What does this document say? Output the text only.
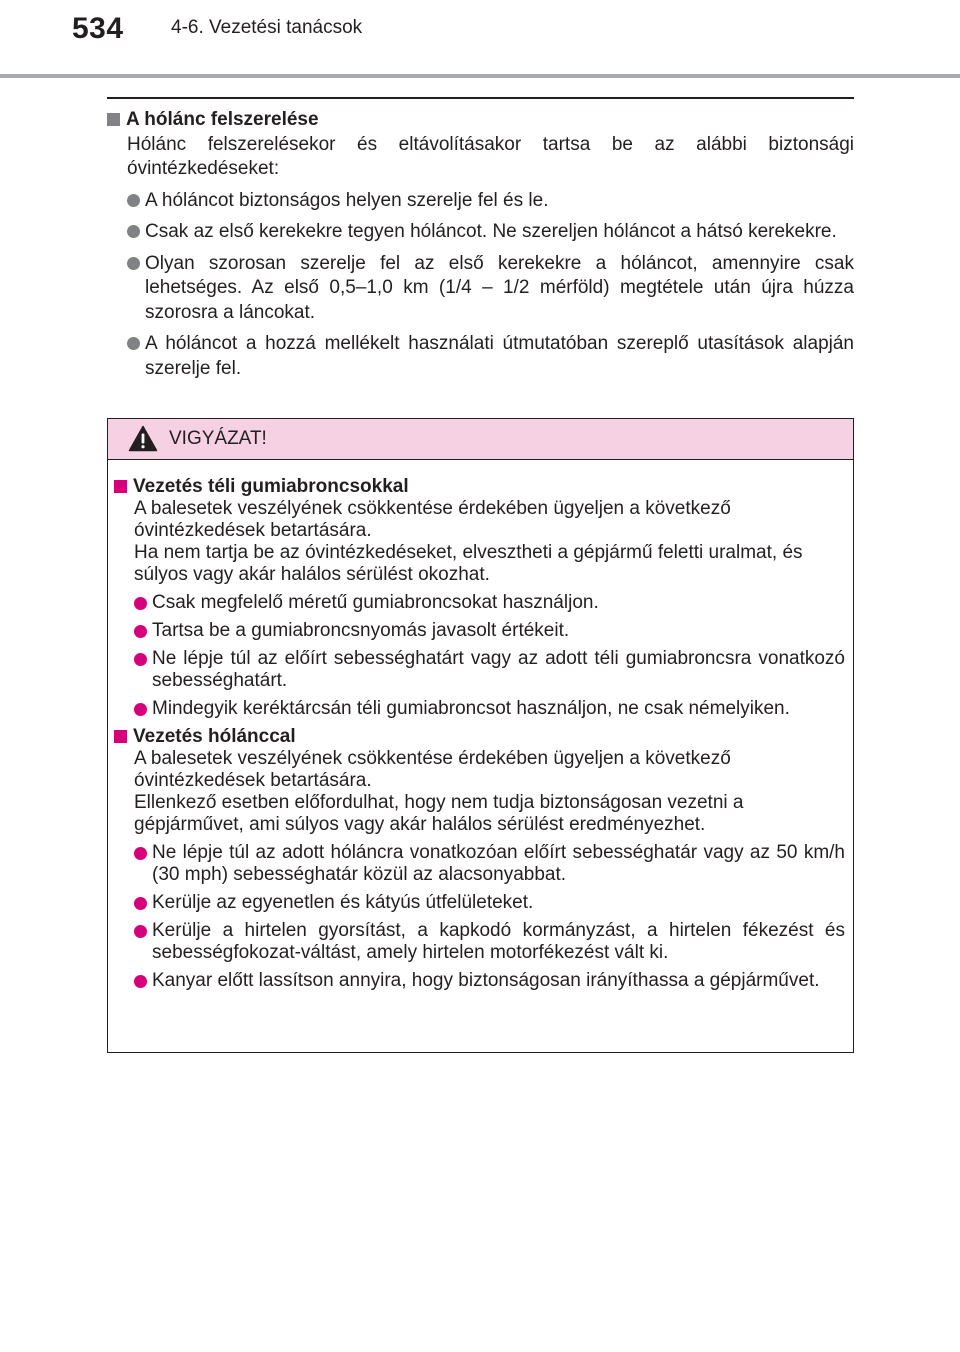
534 4-6. Vezetési tanácsok
A hólánc felszerelése
Hólánc felszerelésekor és eltávolításakor tartsa be az alábbi biztonsági óvintézkedéseket:
A hóláncot biztonságos helyen szerelje fel és le.
Csak az első kerekekre tegyen hóláncot. Ne szereljen hóláncot a hátsó kerekekre.
Olyan szorosan szerelje fel az első kerekekre a hóláncot, amennyire csak lehetséges. Az első 0,5–1,0 km (1/4 – 1/2 mérföld) megtétele után újra húzza szorosra a láncokat.
A hóláncot a hozzá mellékelt használati útmutatóban szereplő utasítások alapján szerelje fel.
VIGYÁZAT!
Vezetés téli gumiabroncsokkal
A balesetek veszélyének csökkentése érdekében ügyeljen a következő óvintézkedések betartására.
Ha nem tartja be az óvintézkedéseket, elvesztheti a gépjármű feletti uralmat, és súlyos vagy akár halálos sérülést okozhat.
Csak megfelelő méretű gumiabroncsokat használjon.
Tartsa be a gumiabroncsnyomás javasolt értékeit.
Ne lépje túl az előírt sebességhatárt vagy az adott téli gumiabroncsra vonatkozó sebességhatárt.
Mindegyik keréktárcsán téli gumiabroncsot használjon, ne csak némelyiken.
Vezetés hólánccal
A balesetek veszélyének csökkentése érdekében ügyeljen a következő óvintézkedések betartására.
Ellenkező esetben előfordulhat, hogy nem tudja biztonságosan vezetni a gépjárművet, ami súlyos vagy akár halálos sérülést eredményezhet.
Ne lépje túl az adott hóláncra vonatkozóan előírt sebességhatár vagy az 50 km/h (30 mph) sebességhatár közül az alacsonyabbat.
Kerülje az egyenetlen és kátyús útfelületeket.
Kerülje a hirtelen gyorsítást, a kapkodó kormányzást, a hirtelen fékezést és sebességfokozat-váltást, amely hirtelen motorfékezést vált ki.
Kanyar előtt lassítson annyira, hogy biztonságosan irányíthassa a gépjárművet.
